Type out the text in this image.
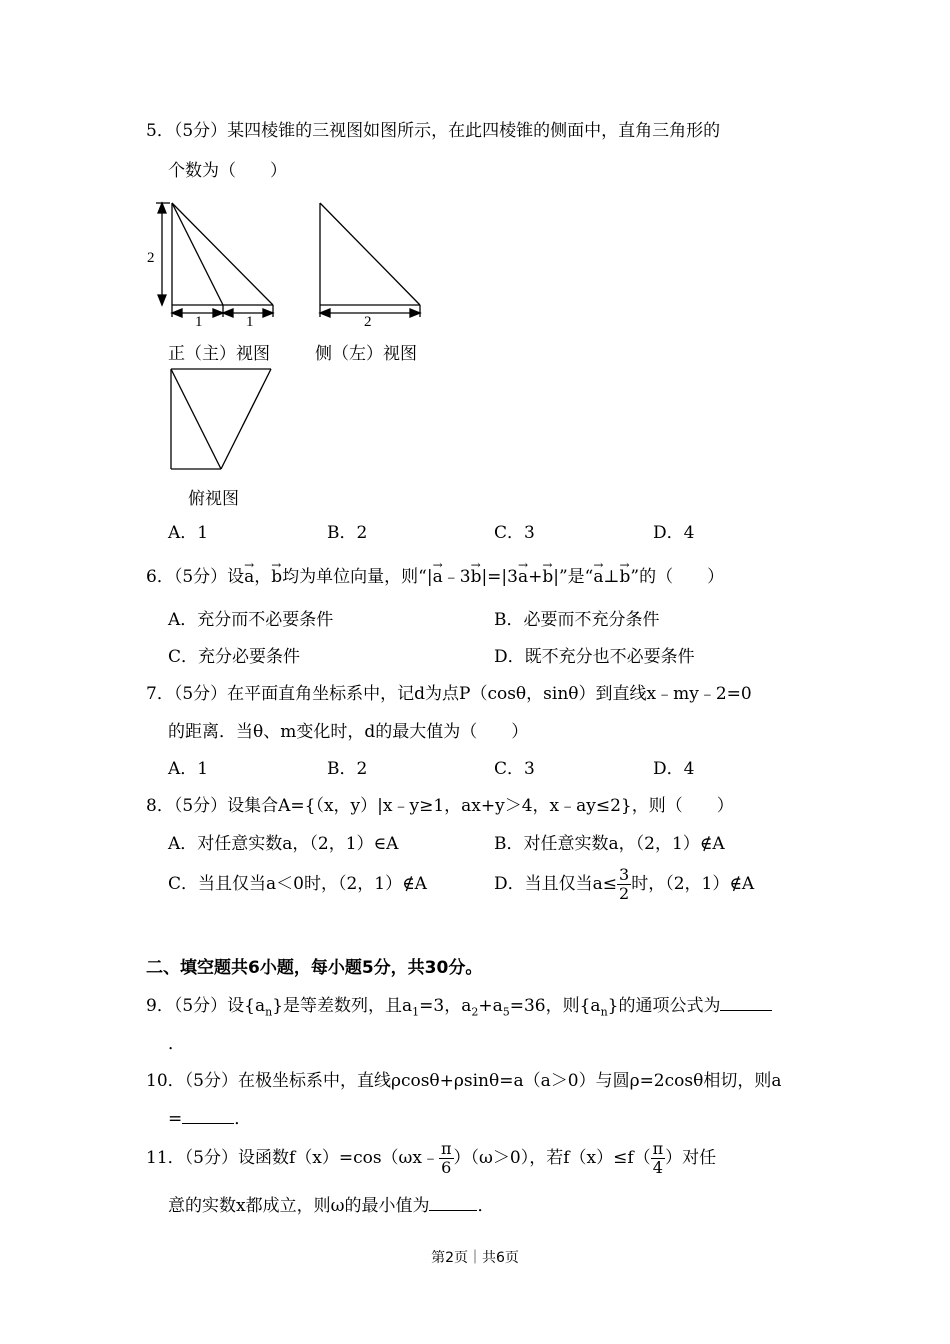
5．（5分）某四棱锥的三视图如图所示，在此四棱锥的侧面中，直角三角形的
个数为（　　）
2
1	1	2
正（主）视图	侧（左）视图
俯视图
A．1	B．2	C．3	D．4
6．（5分）设→ a，→ b均为单位向量，则“|→ a﹣3→ b|=|3→ a+→ b|”是“→ a⊥→ b”的（　　）
A．充分而不必要条件	B．必要而不充分条件
C．充分必要条件	D．既不充分也不必要条件
7．（5分）在平面直角坐标系中，记d为点P（cosθ，sinθ）到直线x﹣my﹣2=0
的距离．当θ、m变化时，d的最大值为（　　）
A．1	B．2	C．3	D．4
8．（5分）设集合A={（x，y）|x﹣y≥1，ax+y＞4，x﹣ay≤2}，则（　　）
A．对任意实数a，（2，1）∈A	B．对任意实数a，（2，1）∉A
C．当且仅当a＜0时，（2，1）∉A	D．当且仅当$a\le \frac{3}{2}$ 时，（2，1）∉A
二、填空题共6小题，每小题5分，共30分。
9．（5分）设$\{a_n\}$是等差数列，且$a_1=3$，$a_2+a_5=36$，则$\{a_n\}$的通项公式为
．
10．（5分）在极坐标系中，直线ρcosθ+ρsinθ=a（a＞0）与圆ρ=2cosθ相切，则a
=	．
11．（5分）设函数f（x）=cos（ωx﹣ $\frac{\pi}{6} )(\omega>0)$，若$f(x)\le f( \frac{\pi}{4}$ ）对任
意的实数x都成立，则ω的最小值为	．
第2页｜共6页
